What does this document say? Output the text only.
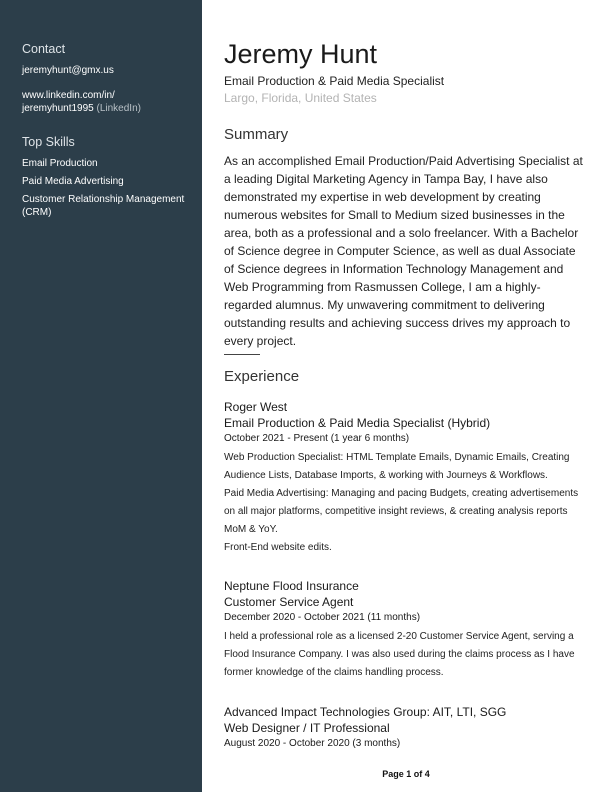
Contact
jeremyhunt@gmx.us
www.linkedin.com/in/
jeremyhunt1995 (LinkedIn)
Top Skills
Email Production
Paid Media Advertising
Customer Relationship Management (CRM)
Jeremy Hunt
Email Production & Paid Media Specialist
Largo, Florida, United States
Summary
As an accomplished Email Production/Paid Advertising Specialist at a leading Digital Marketing Agency in Tampa Bay, I have also demonstrated my expertise in web development by creating numerous websites for Small to Medium sized businesses in the area, both as a professional and a solo freelancer. With a Bachelor of Science degree in Computer Science, as well as dual Associate of Science degrees in Information Technology Management and Web Programming from Rasmussen College, I am a highly-regarded alumnus. My unwavering commitment to delivering outstanding results and achieving success drives my approach to every project.
Experience
Roger West
Email Production & Paid Media Specialist (Hybrid)
October 2021 - Present (1 year 6 months)

Web Production Specialist: HTML Template Emails, Dynamic Emails, Creating Audience Lists, Database Imports, & working with Journeys & Workflows.

Paid Media Advertising: Managing and pacing Budgets, creating advertisements on all major platforms, competitive insight reviews, & creating analysis reports MoM & YoY.

Front-End website edits.

Neptune Flood Insurance
Customer Service Agent
December 2020 - October 2021 (11 months)

I held a professional role as a licensed 2-20 Customer Service Agent, serving a Flood Insurance Company. I was also used during the claims process as I have former knowledge of the claims handling process.

Advanced Impact Technologies Group: AIT, LTI, SGG
Web Designer / IT Professional
August 2020 - October 2020 (3 months)
Page 1 of 4
